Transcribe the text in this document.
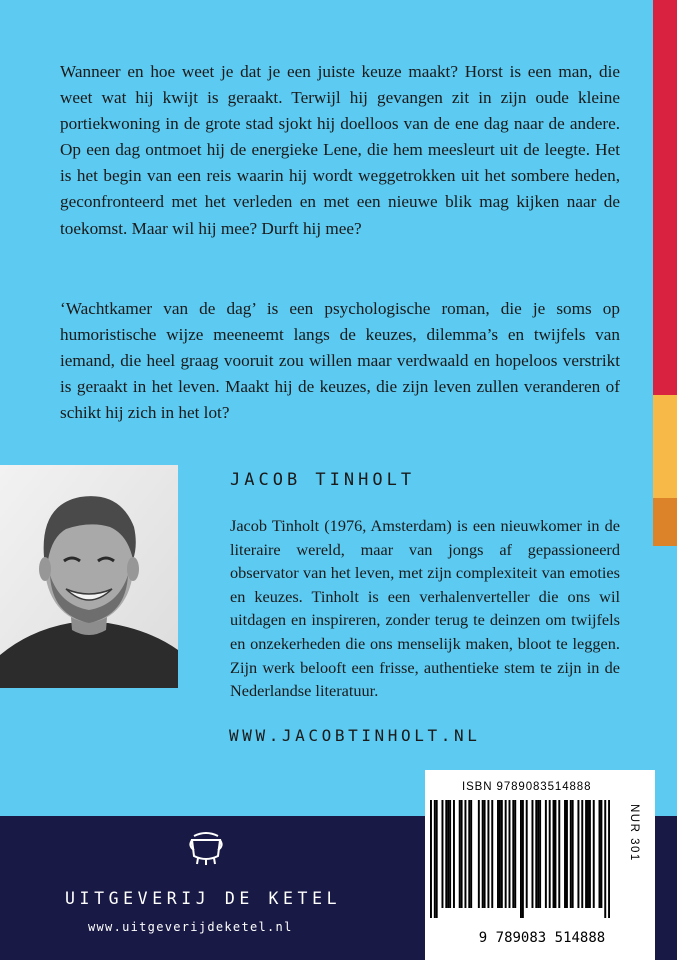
Wanneer en hoe weet je dat je een juiste keuze maakt? Horst is een man, die weet wat hij kwijt is geraakt. Terwijl hij gevangen zit in zijn oude kleine portiekwoning in de grote stad sjokt hij doelloos van de ene dag naar de andere. Op een dag ontmoet hij de energieke Lene, die hem meesleurt uit de leegte. Het is het begin van een reis waarin hij wordt weggetrokken uit het sombere heden, geconfronteerd met het verleden en met een nieuwe blik mag kijken naar de toekomst. Maar wil hij mee? Durft hij mee?

‘Wachtkamer van de dag’ is een psychologische roman, die je soms op humoristische wijze meeneemt langs de keuzes, dilemma’s en twijfels van iemand, die heel graag vooruit zou willen maar verdwaald en hopeloos verstrikt is geraakt in het leven. Maakt hij de keuzes, die zijn leven zullen veranderen of schikt hij zich in het lot?

JACOB TINHOLT

Jacob Tinholt (1976, Amsterdam) is een nieuwkomer in de literaire wereld, maar van jongs af gepassioneerd observator van het leven, met zijn complexiteit van emoties en keuzes. Tinholt is een verhalenverteller die ons wil uitdagen en inspireren, zonder terug te deinzen om twijfels en onzekerheden die ons menselijk maken, bloot te leggen. Zijn werk belooft een frisse, authentieke stem te zijn in de Nederlandse literatuur.

WWW.JACOBTINHOLT.NL
UITGEVERIJ DE KETEL
www.uitgeverijdeketel.nl
ISBN 9789083514888
9 789083 514888
NUR 301
